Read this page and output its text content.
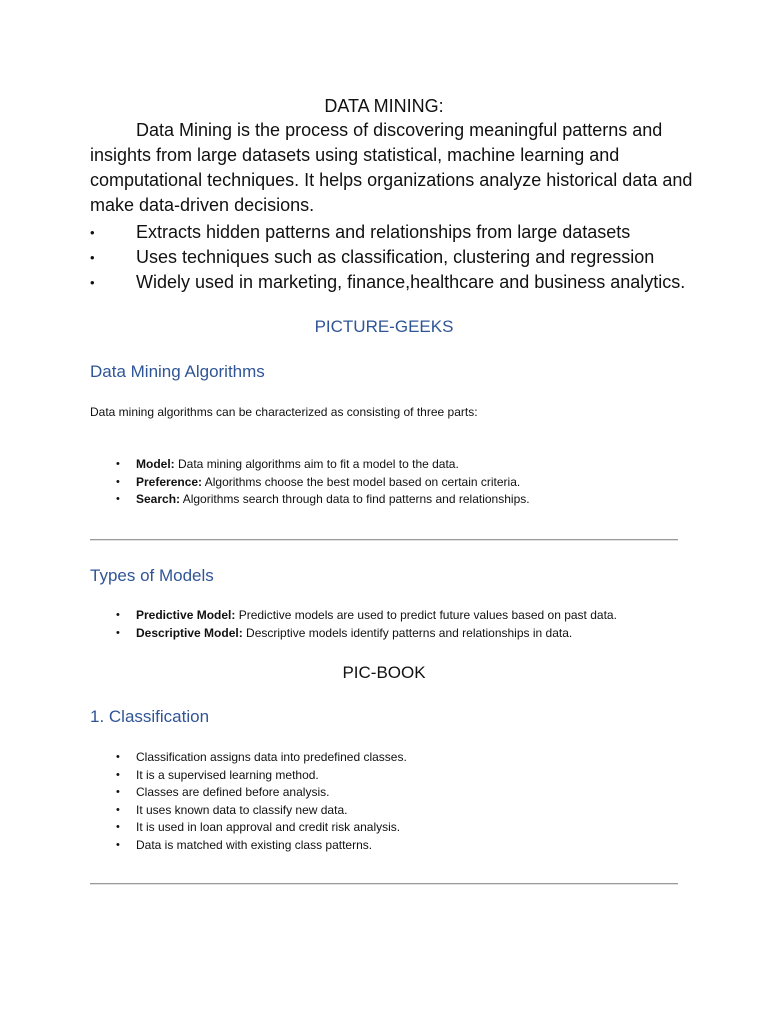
DATA MINING:

Data Mining is the process of discovering meaningful patterns and insights from large datasets using statistical, machine learning and computational techniques. It helps organizations analyze historical data and make data-driven decisions.

• Extracts hidden patterns and relationships from large datasets
• Uses techniques such as classification, clustering and regression
• Widely used in marketing, finance,healthcare and business analytics.
PICTURE-GEEKS
Data Mining Algorithms

Data mining algorithms can be characterized as consisting of three parts:

• Model: Data mining algorithms aim to fit a model to the data.
• Preference: Algorithms choose the best model based on certain criteria.
• Search: Algorithms search through data to find patterns and relationships.
Types of Models
• Predictive Model: Predictive models are used to predict future values based on past data.
• Descriptive Model: Descriptive models identify patterns and relationships in data.
PIC-BOOK
1. Classification
• Classification assigns data into predefined classes.
• It is a supervised learning method.
• Classes are defined before analysis.
• It uses known data to classify new data.
• It is used in loan approval and credit risk analysis.
• Data is matched with existing class patterns.
